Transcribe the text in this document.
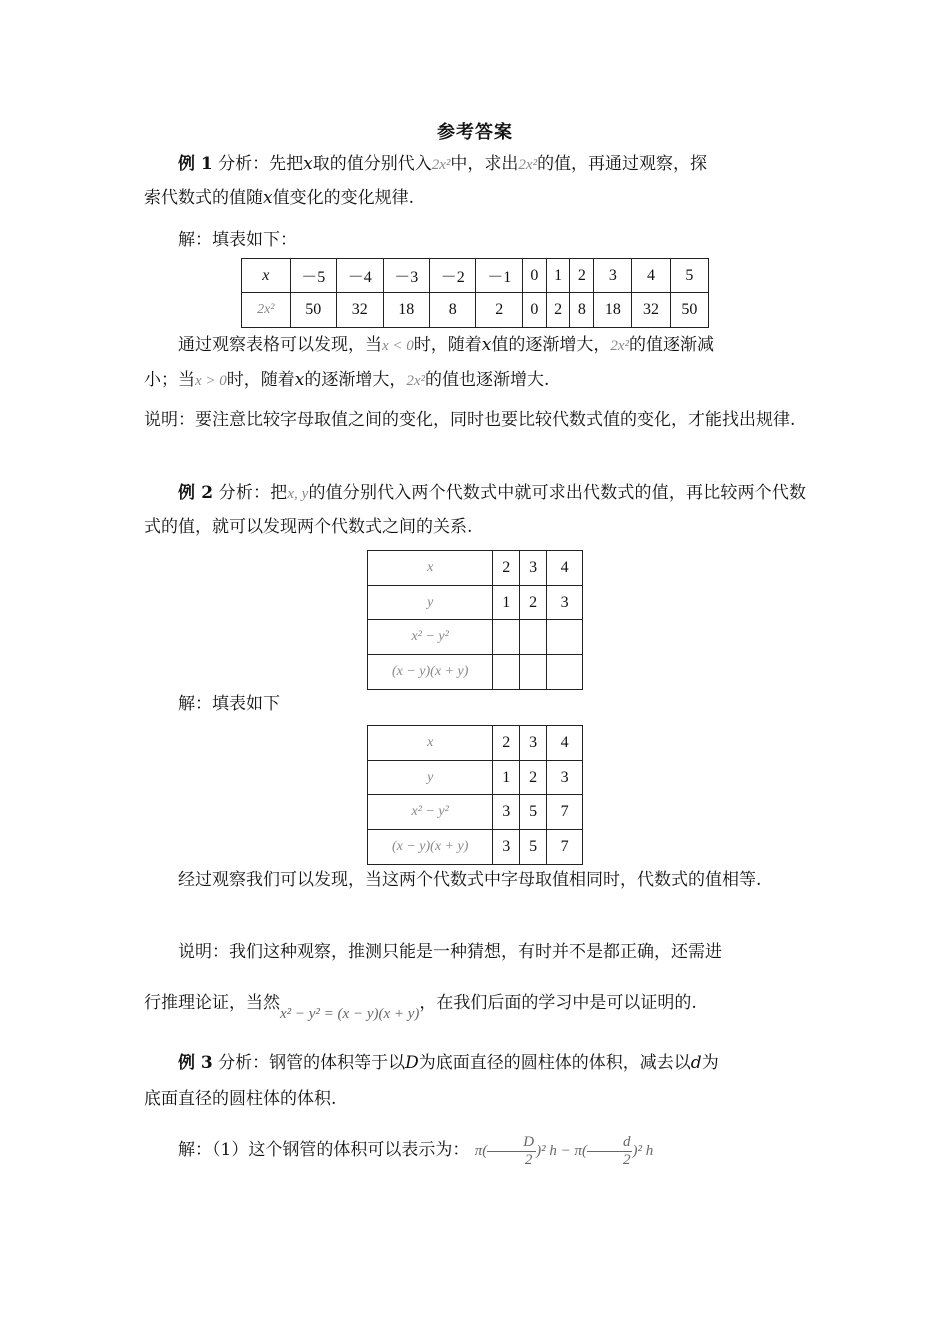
参考答案
例 1 分析：先把x取的值分别代入2x²中，求出2x²的值，再通过观察，探
索代数式的值随x值变化的变化规律.
解：填表如下：
x	－5	－4	－3	－2	－1	0	1	2	3	4	5
2x²	50	32	18	8	2	0	2	8	18	32	50
通过观察表格可以发现，当x < 0时，随着x值的逐渐增大，2x²的值逐渐减
小；当x > 0时，随着x的逐渐增大，2x²的值也逐渐增大.
说明：要注意比较字母取值之间的变化，同时也要比较代数式值的变化，才能找出规律.
例 2 分析：把x, y的值分别代入两个代数式中就可求出代数式的值，再比较两个代数式的值，就可以发现两个代数式之间的关系.
x	2	3	4
y	1	2	3
x² − y²			
(x − y)(x + y)			
解：填表如下
x	2	3	4
y	1	2	3
x² − y²	3	5	7
(x − y)(x + y)	3	5	7
经过观察我们可以发现，当这两个代数式中字母取值相同时，代数式的值相等.
说明：我们这种观察，推测只能是一种猜想，有时并不是都正确，还需进
行推理论证，当然x² − y² = (x − y)(x + y)，在我们后面的学习中是可以证明的.
例 3 分析：钢管的体积等于以D为底面直径的圆柱体的体积，减去以d为
底面直径的圆柱体的体积.
解：（1）这个钢管的体积可以表示为： $\pi( \frac{D}{2} )^2$ $h - \pi( \frac{d}{2} )^2$ h
